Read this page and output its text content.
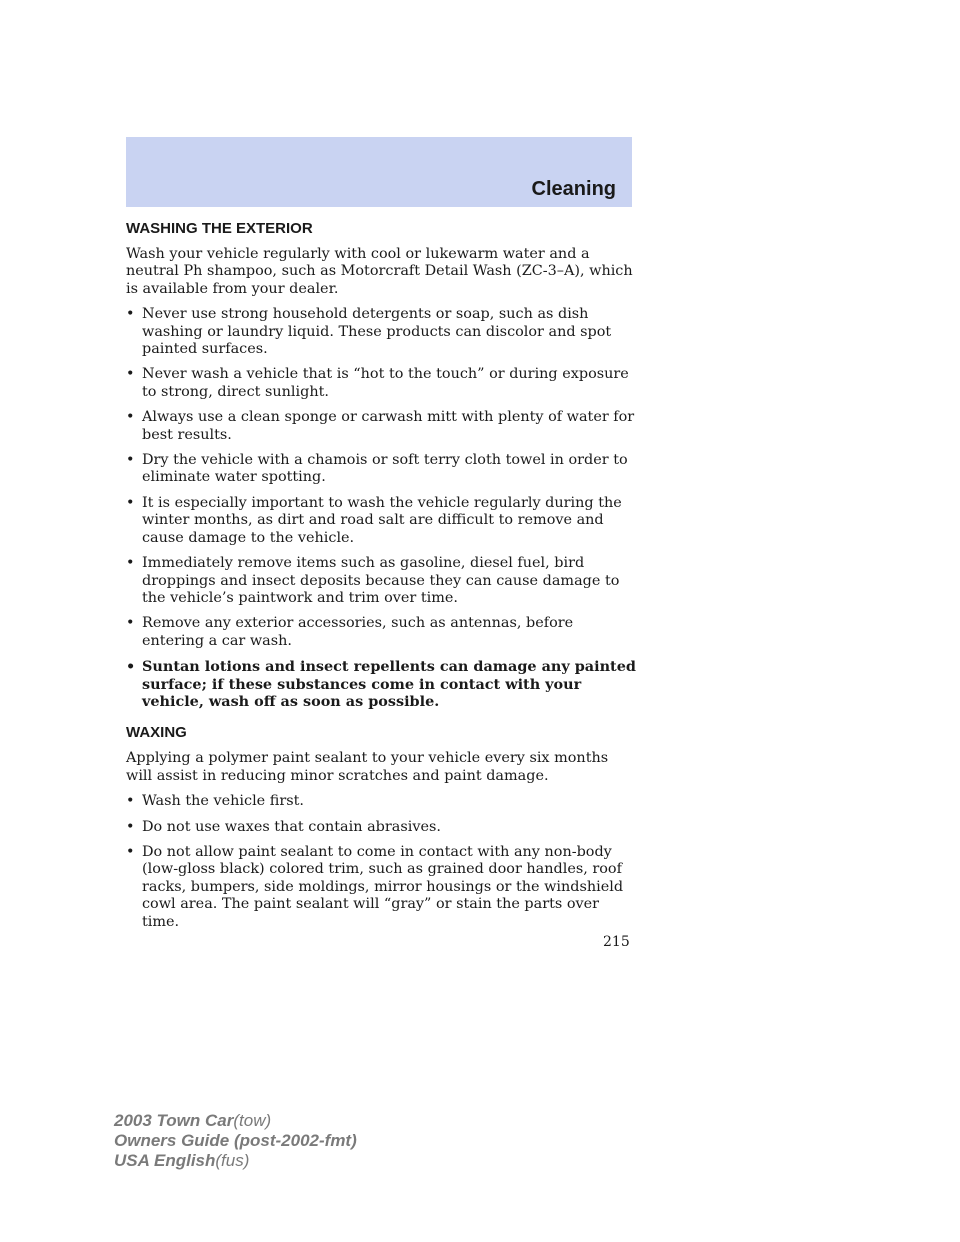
Cleaning
WASHING THE EXTERIOR

Wash your vehicle regularly with cool or lukewarm water and a neutral Ph shampoo, such as Motorcraft Detail Wash (ZC-3–A), which is available from your dealer.

• Never use strong household detergents or soap, such as dish washing or laundry liquid. These products can discolor and spot painted surfaces.
• Never wash a vehicle that is “hot to the touch” or during exposure to strong, direct sunlight.
• Always use a clean sponge or carwash mitt with plenty of water for best results.
• Dry the vehicle with a chamois or soft terry cloth towel in order to eliminate water spotting.
• It is especially important to wash the vehicle regularly during the winter months, as dirt and road salt are difficult to remove and cause damage to the vehicle.
• Immediately remove items such as gasoline, diesel fuel, bird droppings and insect deposits because they can cause damage to the vehicle’s paintwork and trim over time.
• Remove any exterior accessories, such as antennas, before entering a car wash.
• Suntan lotions and insect repellents can damage any painted surface; if these substances come in contact with your vehicle, wash off as soon as possible.
WAXING

Applying a polymer paint sealant to your vehicle every six months will assist in reducing minor scratches and paint damage.

• Wash the vehicle first.
• Do not use waxes that contain abrasives.
• Do not allow paint sealant to come in contact with any non-body (low-gloss black) colored trim, such as grained door handles, roof racks, bumpers, side moldings, mirror housings or the windshield cowl area. The paint sealant will “gray” or stain the parts over time.
215
2003 Town Car(tow)
Owners Guide (post-2002-fmt)
USA English(fus)
